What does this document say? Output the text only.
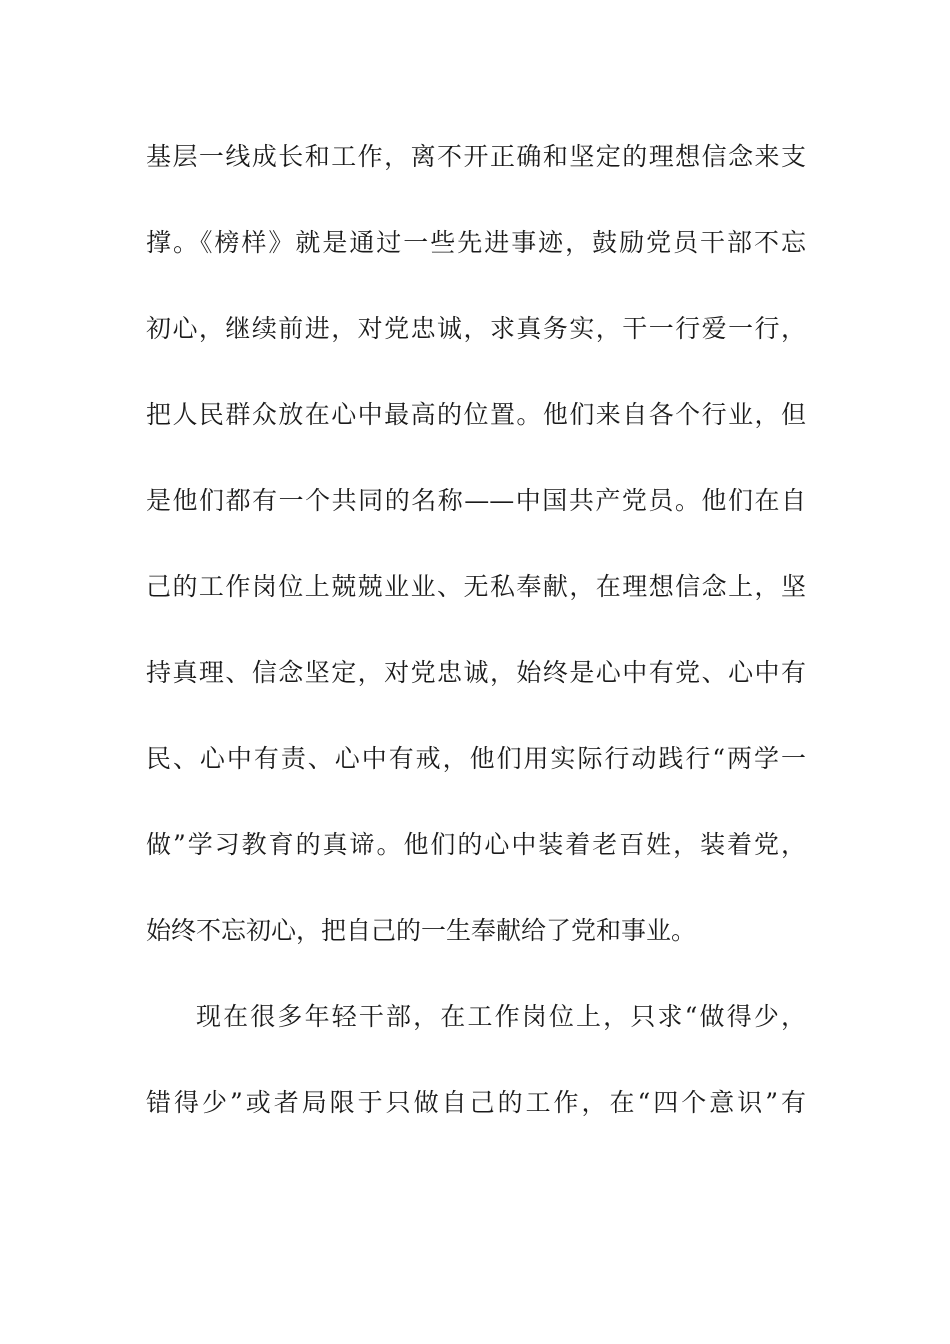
基层一线成长和工作，离不开正确和坚定的理想信念来支
撑。《榜样》就是通过一些先进事迹，鼓励党员干部不忘
初心，继续前进，对党忠诚，求真务实，干一行爱一行，
把人民群众放在心中最高的位置。他们来自各个行业，但
是他们都有一个共同的名称——中国共产党员。他们在自
己的工作岗位上兢兢业业、无私奉献，在理想信念上，坚
持真理、信念坚定，对党忠诚，始终是心中有党、心中有
民、心中有责、心中有戒，他们用实际行动践行“两学一
做”学习教育的真谛。他们的心中装着老百姓，装着党，
始终不忘初心，把自己的一生奉献给了党和事业。
现在很多年轻干部，在工作岗位上，只求“做得少，
错得少”或者局限于只做自己的工作，在“四个意识”有
